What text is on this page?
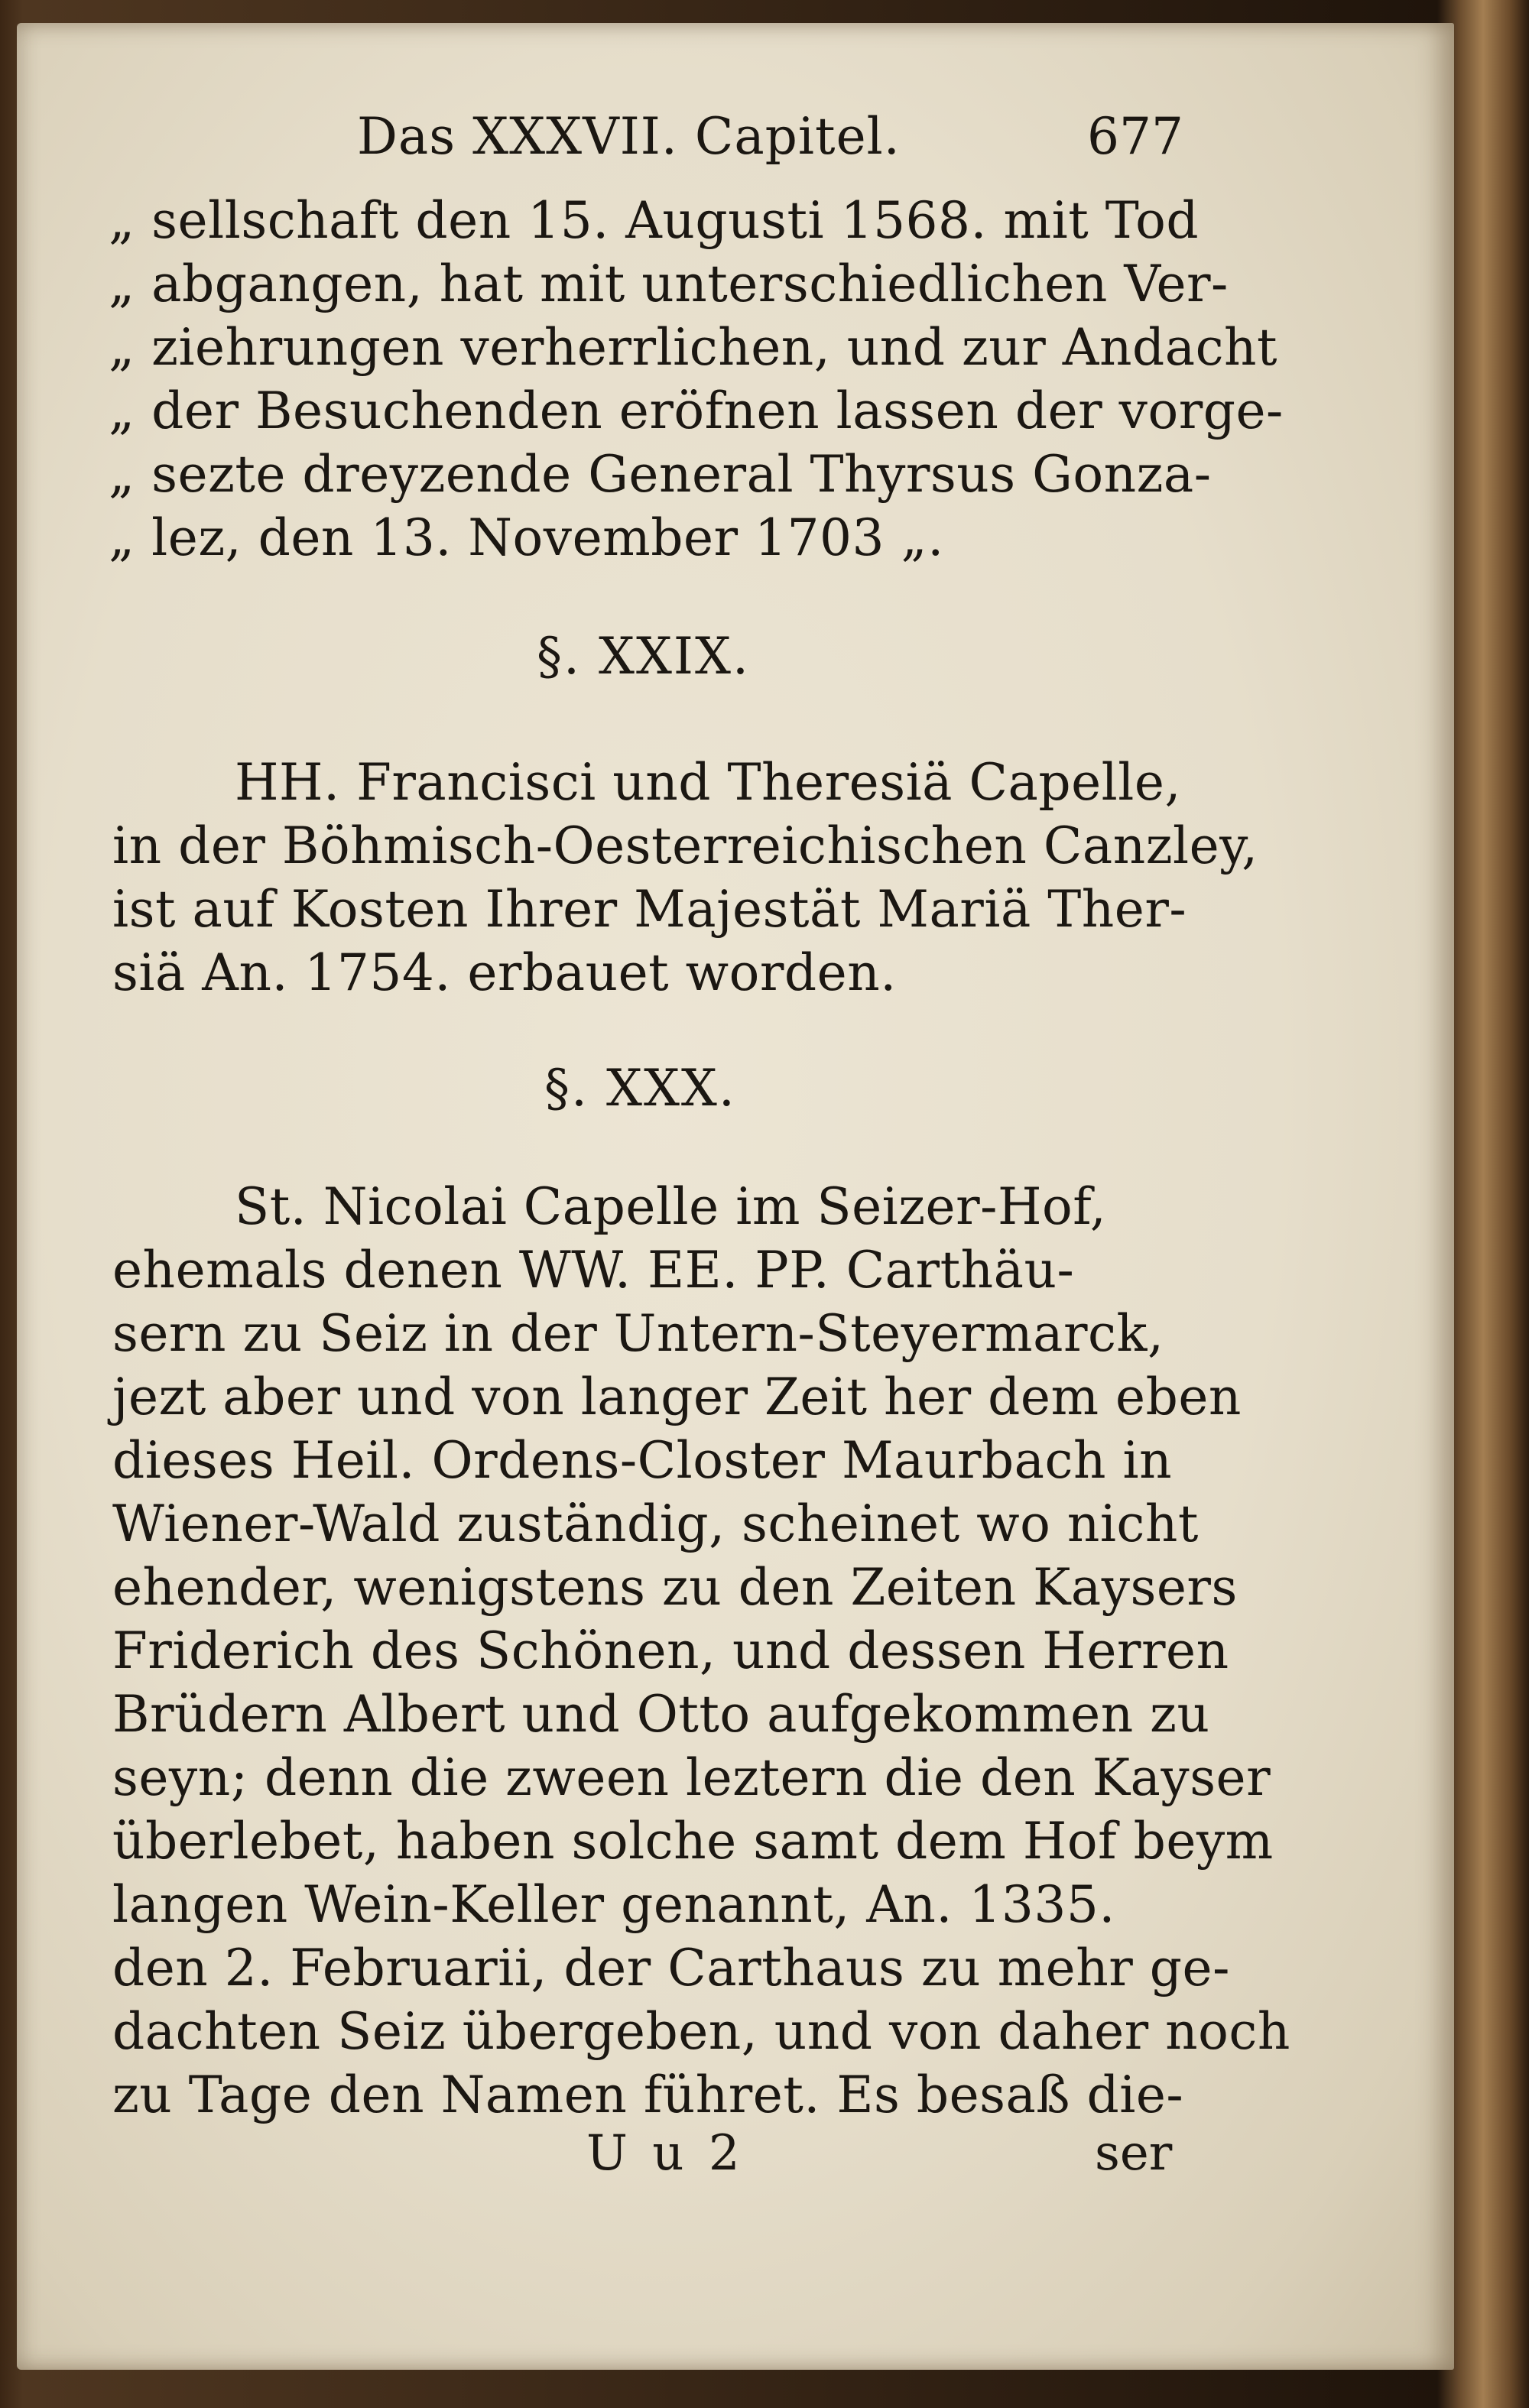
Das XXXVII. Capitel.	677
„ sellschaft den 15. Augusti 1568. mit Tod
„ abgangen, hat mit unterschiedlichen Ver-
„ ziehrungen verherrlichen, und zur Andacht
„ der Besuchenden eröfnen lassen der vorge-
„ sezte dreyzende General Thyrsus Gonza-
„ lez, den 13. November 1703 „.
§. XXIX.
HH. Francisci und Theresiä Capelle,
in der Böhmisch-Oesterreichischen Canzley,
ist auf Kosten Ihrer Majestät Mariä Ther-
siä An. 1754. erbauet worden.
§. XXX.
St. Nicolai Capelle im Seizer-Hof,
ehemals denen WW. EE. PP. Carthäu-
sern zu Seiz in der Untern-Steyermarck,
jezt aber und von langer Zeit her dem eben
dieses Heil. Ordens-Closter Maurbach in
Wiener-Wald zuständig, scheinet wo nicht
ehender, wenigstens zu den Zeiten Kaysers
Friderich des Schönen, und dessen Herren
Brüdern Albert und Otto aufgekommen zu
seyn; denn die zween leztern die den Kayser
überlebet, haben solche samt dem Hof beym
langen Wein-Keller genannt, An. 1335.
den 2. Februarii, der Carthaus zu mehr ge-
dachten Seiz übergeben, und von daher noch
zu Tage den Namen führet. Es besaß die-
U u 2	ser
